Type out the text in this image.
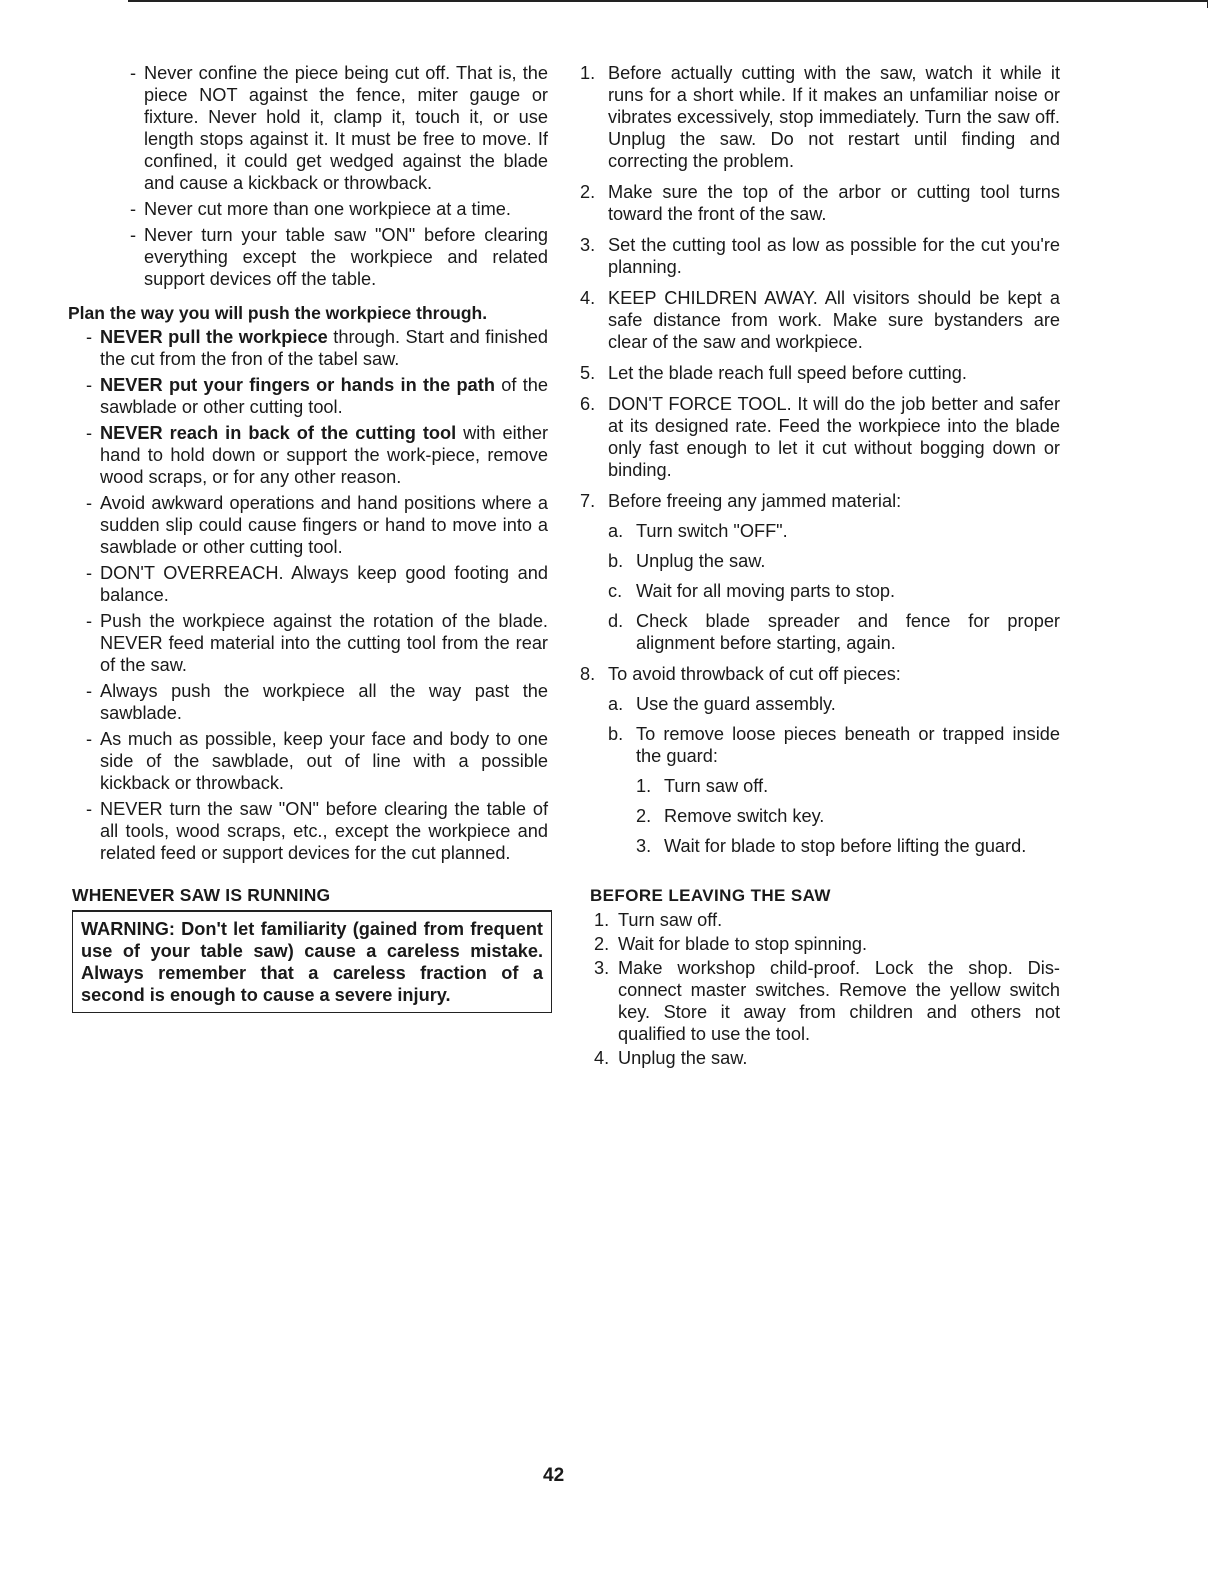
- Never confine the piece being cut off. That is, the piece NOT against the fence, miter gauge or fixture. Never hold it, clamp it, touch it, or use length stops against it. It must be free to move. If confined, it could get wedged against the blade and cause a kickback or throwback.

- Never cut more than one workpiece at a time.

- Never turn your table saw "ON" before clearing everything except the workpiece and related support devices off the table.

Plan the way you will push the workpiece through.
- NEVER pull the workpiece through. Start and finished the cut from the fron of the tabel saw.

- NEVER put your fingers or hands in the path of the sawblade or other cutting tool.

- NEVER reach in back of the cutting tool with either hand to hold down or support the work-piece, remove wood scraps, or for any other reason.

- Avoid awkward operations and hand positions where a sudden slip could cause fingers or hand to move into a sawblade or other cutting tool.

- DON'T OVERREACH. Always keep good footing and balance.

- Push the workpiece against the rotation of the blade. NEVER feed material into the cutting tool from the rear of the saw.

- Always push the workpiece all the way past the sawblade.

- As much as possible, keep your face and body to one side of the sawblade, out of line with a possible kickback or throwback.

- NEVER turn the saw "ON" before clearing the table of all tools, wood scraps, etc., except the workpiece and related feed or support devices for the cut planned.

WHENEVER SAW IS RUNNING

WARNING: Don't let familiarity (gained from frequent use of your table saw) cause a careless mistake. Always remember that a careless fraction of a second is enough to cause a severe injury.

1. Before actually cutting with the saw, watch it while it runs for a short while. If it makes an unfamiliar noise or vibrates excessively, stop immediately. Turn the saw off. Unplug the saw. Do not restart until finding and correcting the problem.

2. Make sure the top of the arbor or cutting tool turns toward the front of the saw.

3. Set the cutting tool as low as possible for the cut you're planning.

4. KEEP CHILDREN AWAY. All visitors should be kept a safe distance from work. Make sure bystanders are clear of the saw and workpiece.

5. Let the blade reach full speed before cutting.

6. DON'T FORCE TOOL. It will do the job better and safer at its designed rate. Feed the workpiece into the blade only fast enough to let it cut without bogging down or binding.

7. Before freeing any jammed material:

a. Turn switch "OFF".

b. Unplug the saw.

c. Wait for all moving parts to stop.

d. Check blade spreader and fence for proper alignment before starting, again.

8. To avoid throwback of cut off pieces:

a. Use the guard assembly.

b. To remove loose pieces beneath or trapped inside the guard:

1. Turn saw off.

2. Remove switch key.

3. Wait for blade to stop before lifting the guard.

BEFORE LEAVING THE SAW
1. Turn saw off.

2. Wait for blade to stop spinning.

3. Make workshop child-proof. Lock the shop. Dis-connect master switches. Remove the yellow switch key. Store it away from children and others not qualified to use the tool.

4. Unplug the saw.

42
